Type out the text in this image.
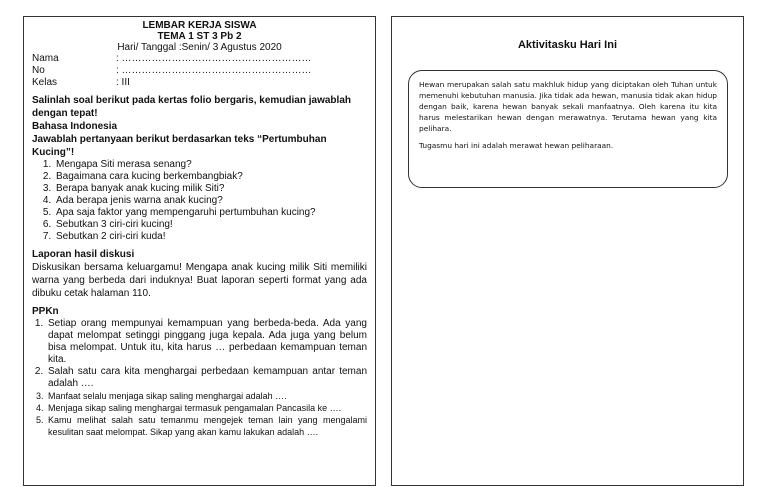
LEMBAR KERJA SISWA
TEMA 1 ST 3 Pb 2
Hari/ Tanggal :Senin/ 3 Agustus 2020
Nama	: …………………………………………………
No	: …………………………………………………
Kelas	: III
Salinlah soal berikut pada kertas folio bergaris, kemudian jawablah dengan tepat!
Bahasa Indonesia
Jawablah pertanyaan berikut berdasarkan teks “Pertumbuhan Kucing”!
1. Mengapa Siti merasa senang?
2. Bagaimana cara kucing berkembangbiak?
3. Berapa banyak anak kucing milik Siti?
4. Ada berapa jenis warna anak kucing?
5. Apa saja faktor yang mempengaruhi pertumbuhan kucing?
6. Sebutkan 3 ciri-ciri kucing!
7. Sebutkan 2 ciri-ciri kuda!
Laporan hasil diskusi
Diskusikan bersama keluargamu! Mengapa anak kucing milik Siti memiliki warna yang berbeda dari induknya! Buat laporan seperti format yang ada dibuku cetak halaman 110.
PPKn
1. Setiap orang mempunyai kemampuan yang berbeda-beda. Ada yang dapat melompat setinggi pinggang juga kepala. Ada juga yang belum bisa melompat. Untuk itu, kita harus … perbedaan kemampuan teman kita.
2. Salah satu cara kita menghargai perbedaan kemampuan antar teman adalah ….
3. Manfaat selalu menjaga sikap saling menghargai adalah ….
4. Menjaga sikap saling menghargai termasuk pengamalan Pancasila ke ….
5. Kamu melihat salah satu temanmu mengejek teman lain yang mengalami kesulitan saat melompat. Sikap yang akan kamu lakukan adalah ….
Aktivitasku Hari Ini
Hewan merupakan salah satu makhluk hidup yang diciptakan oleh Tuhan untuk memenuhi kebutuhan manusia. Jika tidak ada hewan, manusia tidak akan hidup dengan baik, karena hewan banyak sekali manfaatnya. Oleh karena itu kita harus melestarikan hewan dengan merawatnya. Terutama hewan yang kita pelihara.
Tugasmu hari ini adalah merawat hewan peliharaan.
